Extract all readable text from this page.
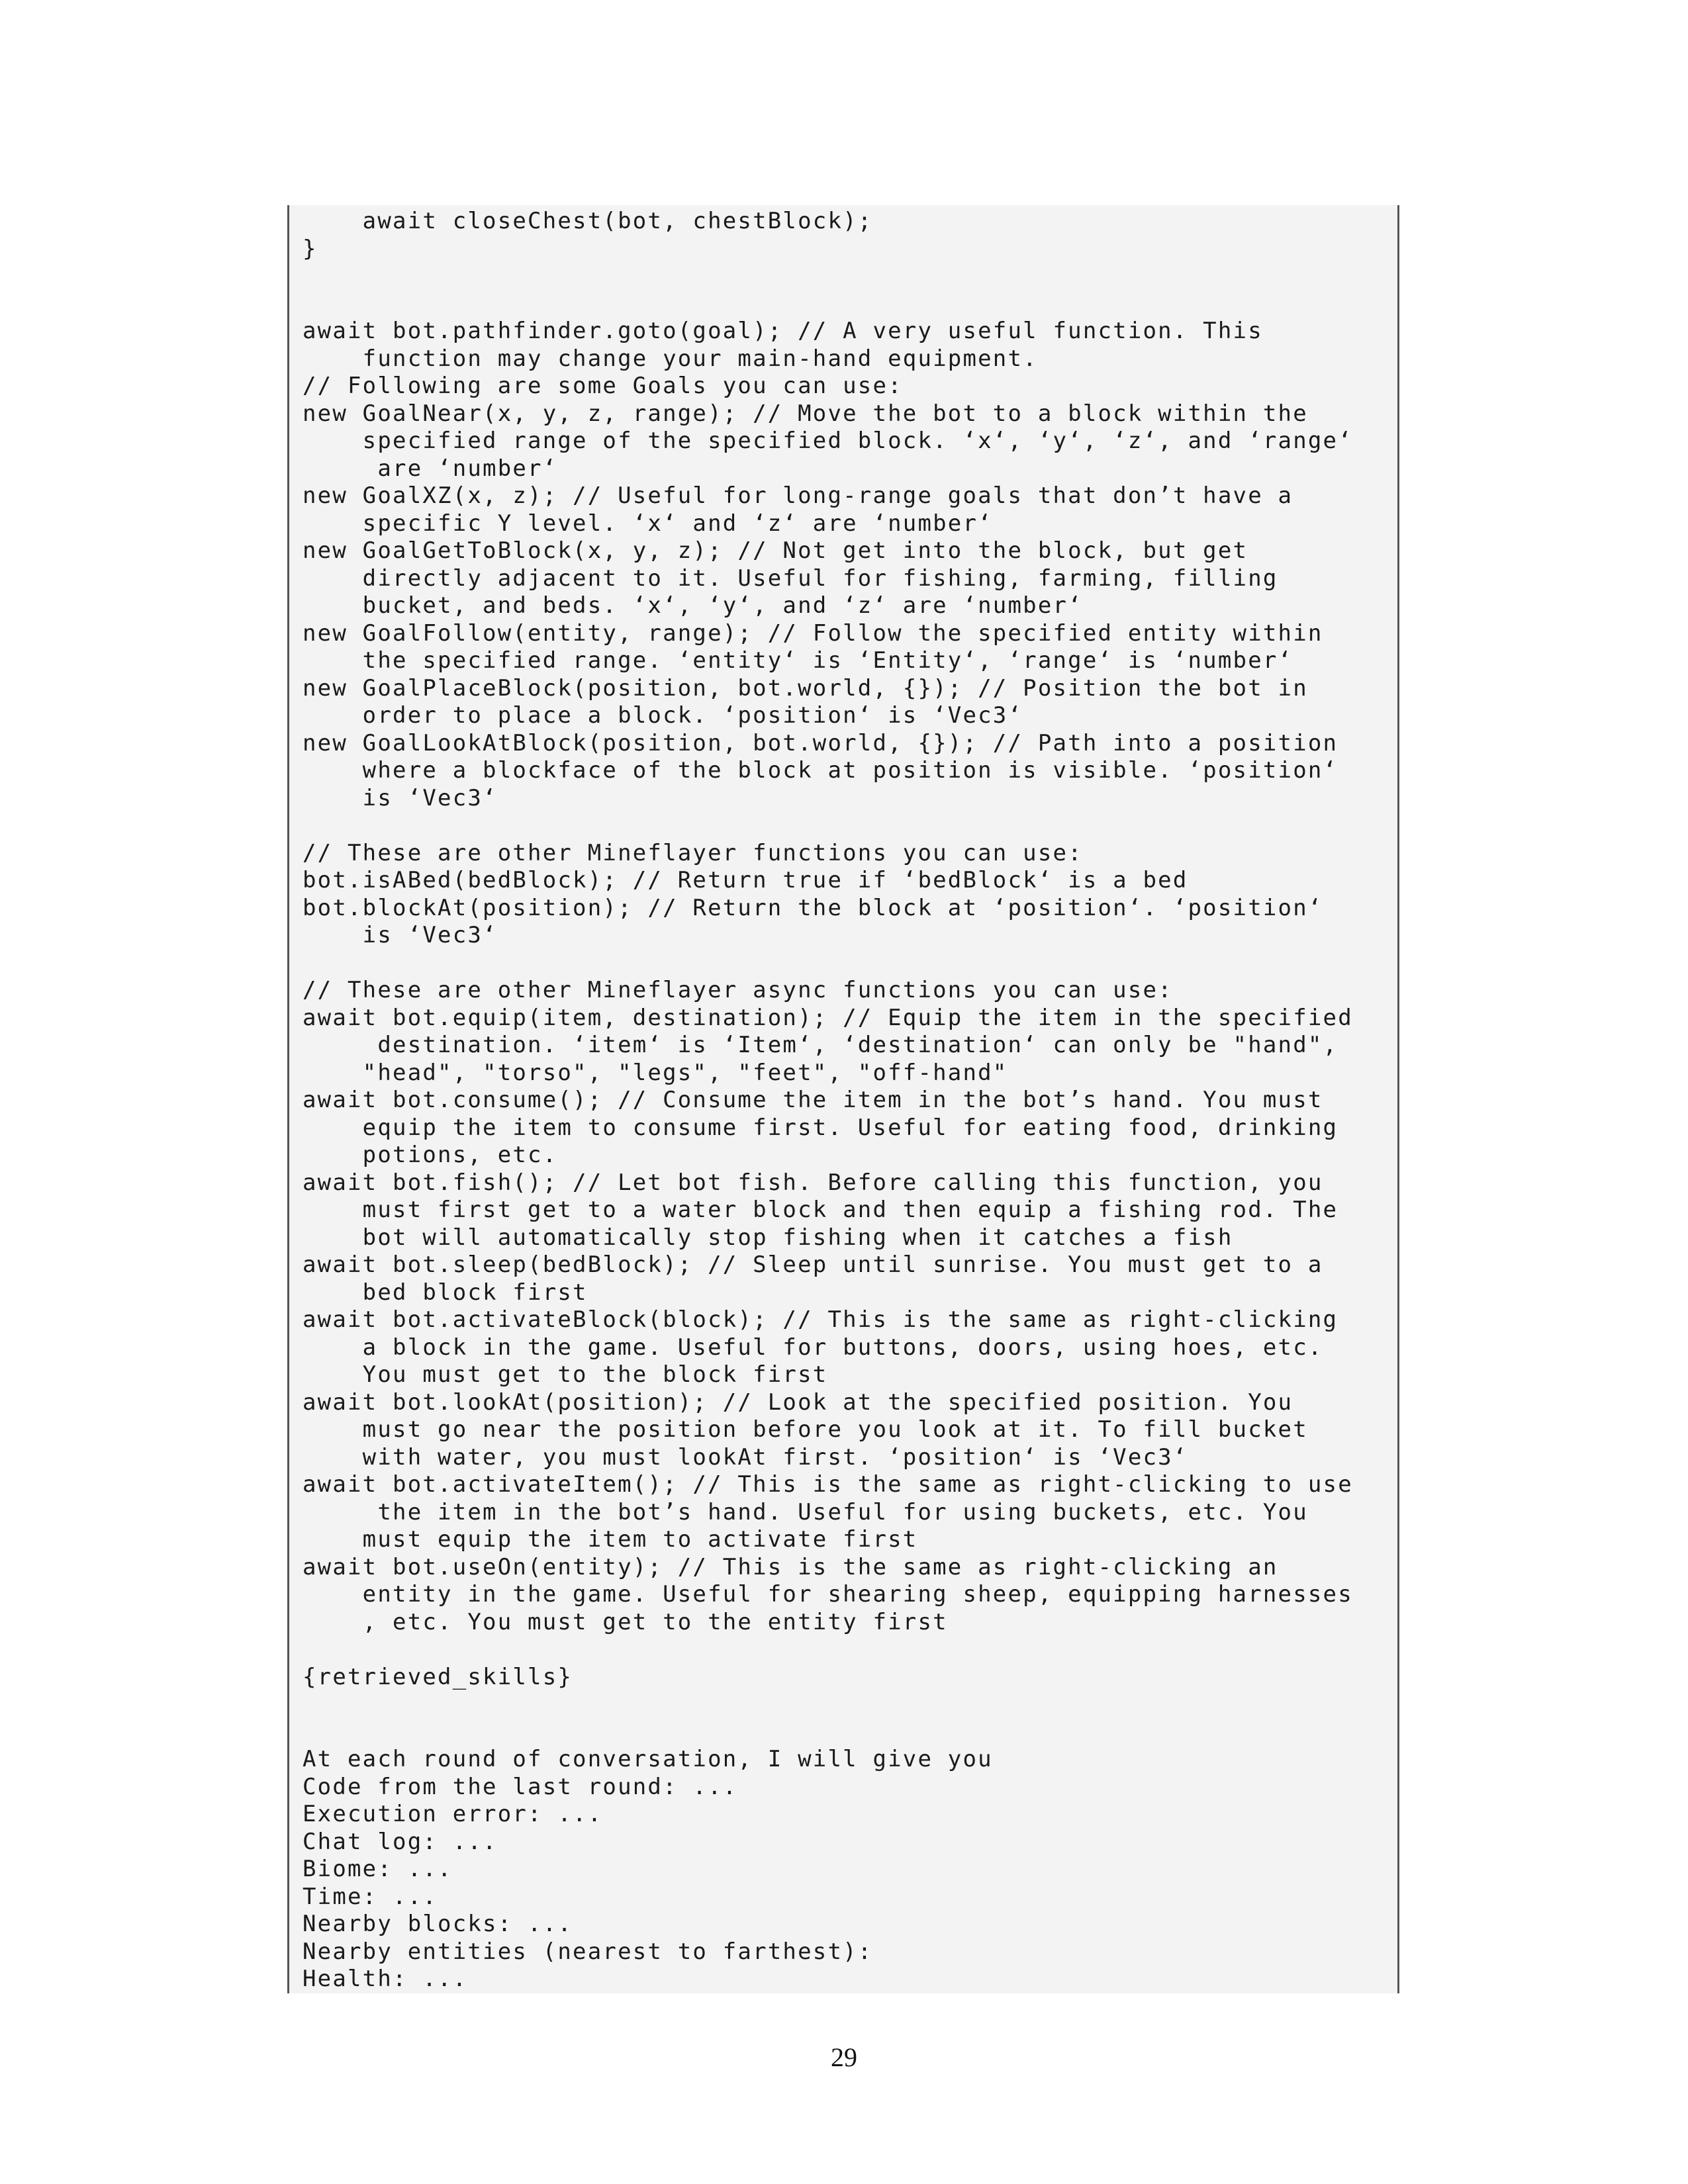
await closeChest(bot, chestBlock);
}
await bot.pathfinder.goto(goal); // A very useful function. This
function may change your main-hand equipment.
// Following are some Goals you can use:
new GoalNear(x, y, z, range); // Move the bot to a block within the
specified range of the specified block. ‘x‘, ‘y‘, ‘z‘, and ‘range‘
are ‘number‘
new GoalXZ(x, z); // Useful for long-range goals that don’t have a
specific Y level. ‘x‘ and ‘z‘ are ‘number‘
new GoalGetToBlock(x, y, z); // Not get into the block, but get
directly adjacent to it. Useful for fishing, farming, filling
bucket, and beds. ‘x‘, ‘y‘, and ‘z‘ are ‘number‘
new GoalFollow(entity, range); // Follow the specified entity within
the specified range. ‘entity‘ is ‘Entity‘, ‘range‘ is ‘number‘
new GoalPlaceBlock(position, bot.world, {}); // Position the bot in
order to place a block. ‘position‘ is ‘Vec3‘
new GoalLookAtBlock(position, bot.world, {}); // Path into a position
where a blockface of the block at position is visible. ‘position‘
is ‘Vec3‘
// These are other Mineflayer functions you can use:
bot.isABed(bedBlock); // Return true if ‘bedBlock‘ is a bed
bot.blockAt(position); // Return the block at ‘position‘. ‘position‘
is ‘Vec3‘
// These are other Mineflayer async functions you can use:
await bot.equip(item, destination); // Equip the item in the specified
destination. ‘item‘ is ‘Item‘, ‘destination‘ can only be "hand",
"head", "torso", "legs", "feet", "off-hand"
await bot.consume(); // Consume the item in the bot’s hand. You must
equip the item to consume first. Useful for eating food, drinking
potions, etc.
await bot.fish(); // Let bot fish. Before calling this function, you
must first get to a water block and then equip a fishing rod. The
bot will automatically stop fishing when it catches a fish
await bot.sleep(bedBlock); // Sleep until sunrise. You must get to a
bed block first
await bot.activateBlock(block); // This is the same as right-clicking
a block in the game. Useful for buttons, doors, using hoes, etc.
You must get to the block first
await bot.lookAt(position); // Look at the specified position. You
must go near the position before you look at it. To fill bucket
with water, you must lookAt first. ‘position‘ is ‘Vec3‘
await bot.activateItem(); // This is the same as right-clicking to use
the item in the bot’s hand. Useful for using buckets, etc. You
must equip the item to activate first
await bot.useOn(entity); // This is the same as right-clicking an
entity in the game. Useful for shearing sheep, equipping harnesses
, etc. You must get to the entity first
{retrieved_skills}
At each round of conversation, I will give you
Code from the last round: ...
Execution error: ...
Chat log: ...
Biome: ...
Time: ...
Nearby blocks: ...
Nearby entities (nearest to farthest):
Health: ...
29
